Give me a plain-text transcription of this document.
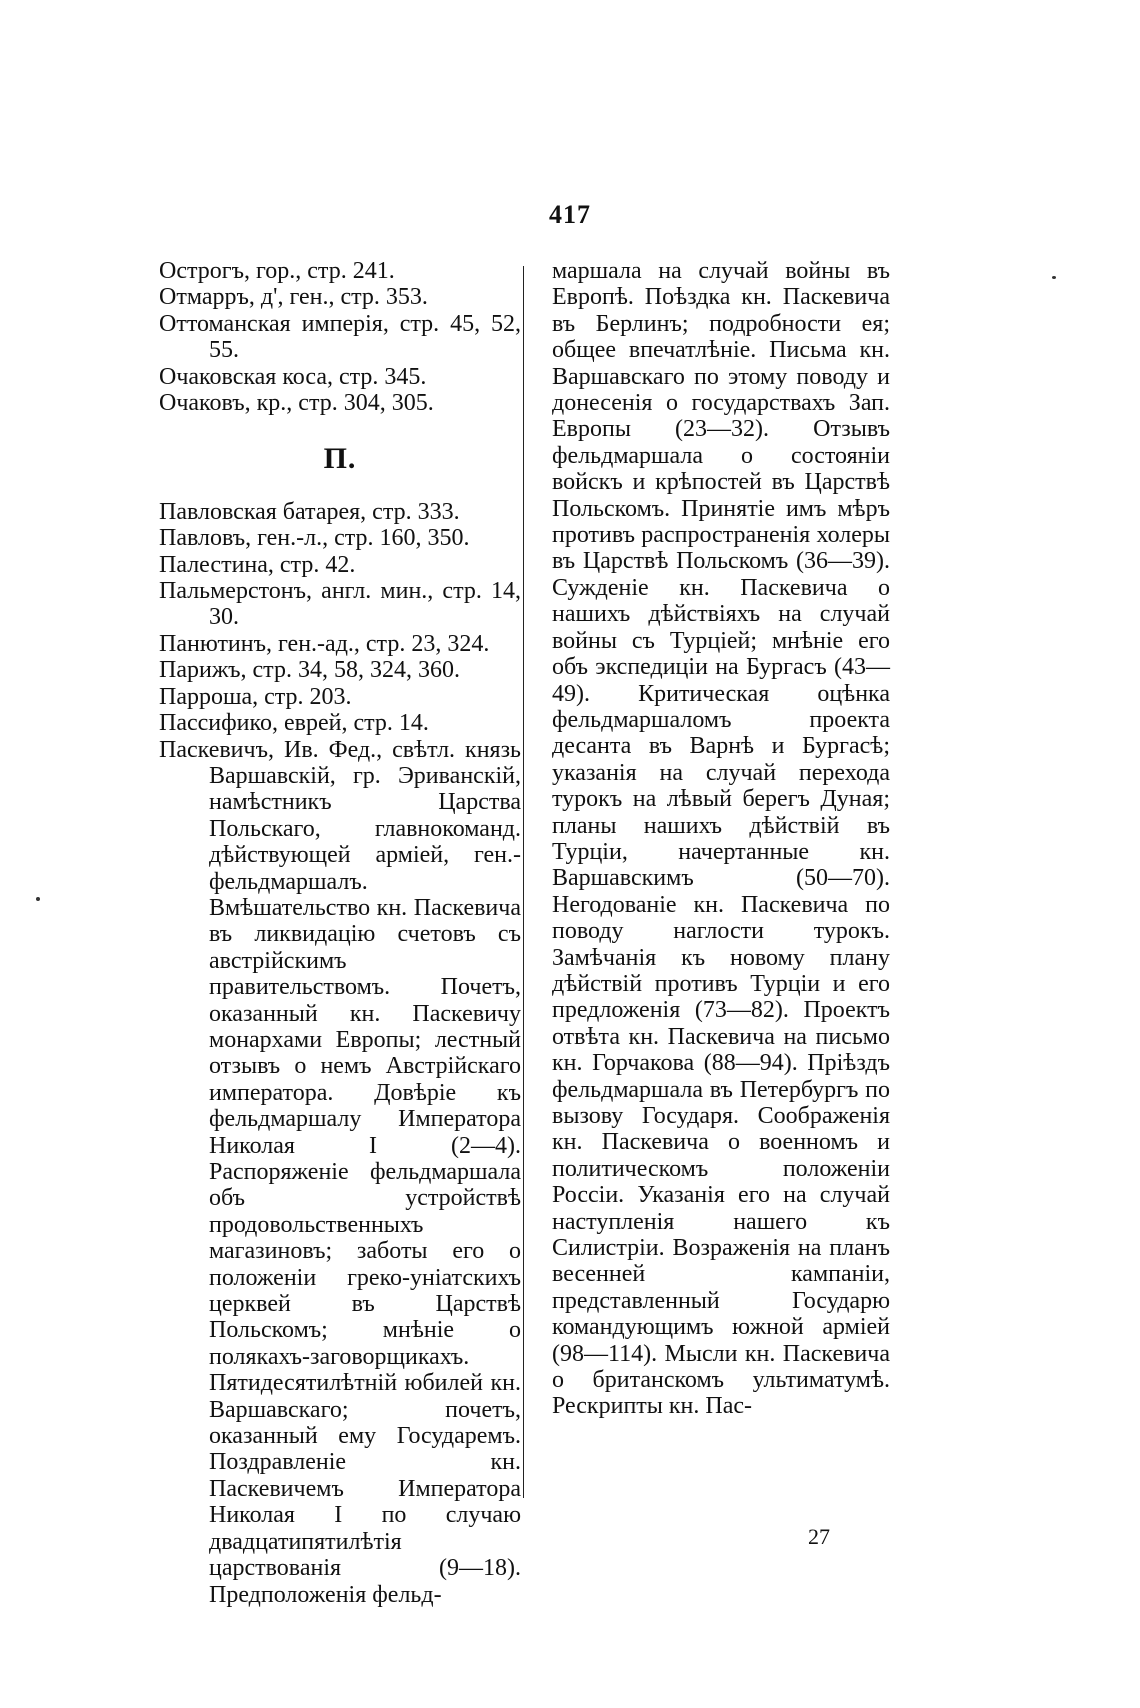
417

Острогъ, гор., стр. 241.

Отмарръ, д', ген., стр. 353.

Оттоманская имперiя, стр. 45, 52, 55.

Очаковская коса, стр. 345.

Очаковъ, кр., стр. 304, 305.

П.

Павловская батарея, стр. 333.

Павловъ, ген.-л., стр. 160, 350.

Палестина, стр. 42.

Пальмерстонъ, англ. мин., стр. 14, 30.

Панютинъ, ген.-ад., стр. 23, 324.

Парижъ, стр. 34, 58, 324, 360.

Парроша, стр. 203.

Пассифико, еврей, стр. 14.

Паскевичъ, Ив. Фед., свѣтл. князь Варшавскiй, гр. Эриванскiй, намѣстникъ Царства Польскаго, главнокоманд. дѣйствующей армiей, ген.-фельдмаршалъ. Вмѣшательство кн. Паскевича въ ликвидацiю счетовъ съ австрiйскимъ правительствомъ. Почетъ, оказанный кн. Паскевичу монархами Европы; лестный отзывъ о немъ Австрiйскаго императора. Довѣрiе къ фельдмаршалу Императора Николая I (2—4). Распоряженiе фельдмаршала объ устройствѣ продовольственныхъ магазиновъ; заботы его о положенiи греко-унiатскихъ церквей въ Царствѣ Польскомъ; мнѣнiе о полякахъ-заговорщикахъ. Пятидесятилѣтнiй юбилей кн. Варшавскаго; почетъ, оказанный ему Государемъ. Поздравленiе кн. Паскевичемъ Императора Николая I по случаю двадцатипятилѣтiя царствованiя (9—18). Предположенiя фельд-

маршала на случай войны въ Европѣ. Поѣздка кн. Паскевича въ Берлинъ; подробности ея; общее впечатлѣнiе. Письма кн. Варшавскаго по этому поводу и донесенiя о государствахъ Зап. Европы (23—32). Отзывъ фельдмаршала о состоянiи войскъ и крѣпостей въ Царствѣ Польскомъ. Принятiе имъ мѣръ противъ распространенiя холеры въ Царствѣ Польскомъ (36—39). Сужденiе кн. Паскевича о нашихъ дѣйствiяхъ на случай войны съ Турцiей; мнѣнiе его объ экспедицiи на Бургасъ (43—49). Критическая оцѣнка фельдмаршаломъ проекта десанта въ Варнѣ и Бургасѣ; указанiя на случай перехода турокъ на лѣвый берегъ Дуная; планы нашихъ дѣйствiй въ Турцiи, начертанные кн. Варшавскимъ (50—70). Негодованiе кн. Паскевича по поводу наглости турокъ. Замѣчанiя къ новому плану дѣйствiй противъ Турцiи и его предложенiя (73—82). Проектъ отвѣта кн. Паскевича на письмо кн. Горчакова (88—94). Прiѣздъ фельдмаршала въ Петербургъ по вызову Государя. Соображенiя кн. Паскевича о военномъ и политическомъ положенiи Россiи. Указанiя его на случай наступленiя нашего къ Силистрiи. Возраженiя на планъ весенней кампанiи, представленный Государю командующимъ южной армiей (98—114). Мысли кн. Паскевича о британскомъ ультиматумѣ. Рескрипты кн. Пас-

27
